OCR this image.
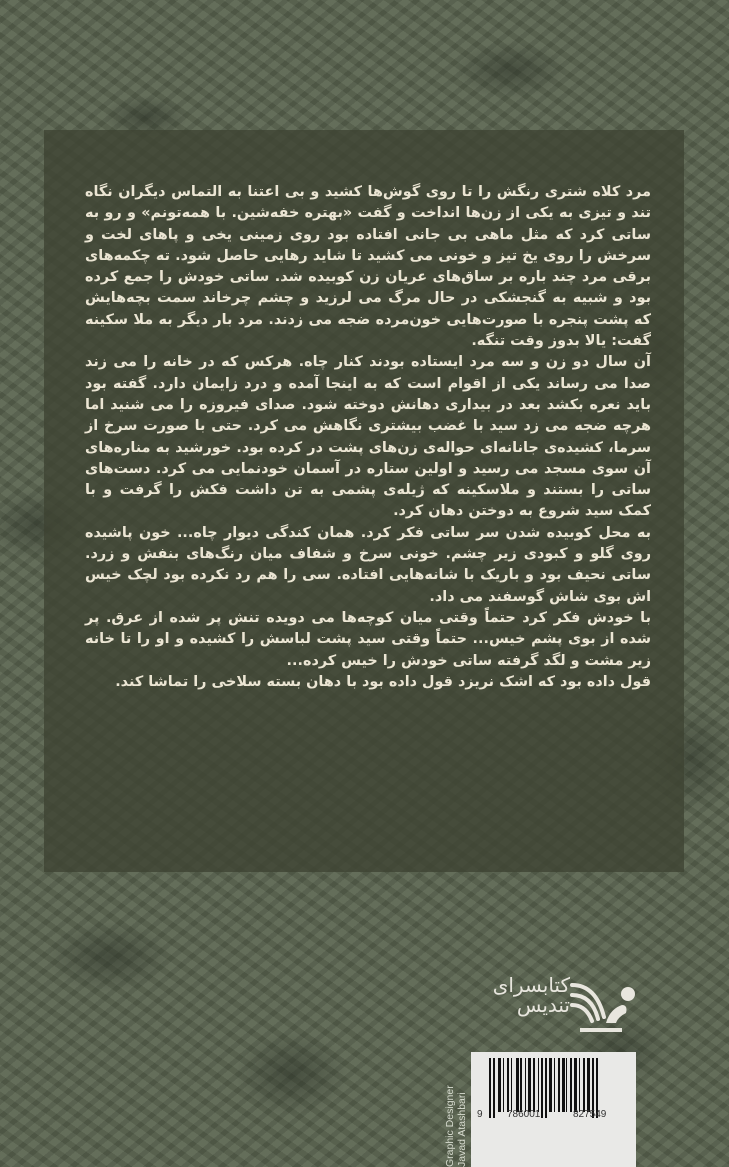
مرد کلاه شتری رنگش را تا روی گوش‌ها کشید و بی اعتنا به التماس دیگران نگاه تند و تیزی به یکی از زن‌ها انداخت و گفت «بهتره خفه‌شین. با همه‌تونم» و رو به ساتی کرد که مثل ماهی بی جانی افتاده بود روی زمینی یخی و پاهای لخت و سرخش را روی یخ تیز و خونی می کشید تا شاید رهایی حاصل شود. ته چکمه‌های برقی مرد چند باره بر ساق‌های عریان زن کوبیده شد. ساتی خودش را جمع کرده بود و شبیه به گنجشکی در حال مرگ می لرزید و چشم چرخاند سمت بچه‌هایش که پشت پنجره با صورت‌هایی خون‌مرده ضجه می زدند. مرد بار دیگر به ملا سکینه گفت: یالا بدوز وقت تنگه.

آن سال دو زن و سه مرد ایستاده بودند کنار چاه. هرکس که در خانه را می زند صدا می رساند یکی از اقوام است که به اینجا آمده و درد زایمان دارد. گفته بود باید نعره بکشد بعد در بیداری دهانش دوخته شود. صدای فیروزه را می شنید اما هرچه ضجه می زد سید با غضب بیشتری نگاهش می کرد. حتی با صورت سرخ از سرما، کشیده‌ی جانانه‌ای حواله‌ی زن‌های پشت در کرده بود. خورشید به مناره‌های آن سوی مسجد می رسید و اولین ستاره در آسمان خودنمایی می کرد. دست‌های ساتی را بستند و ملاسکینه که ژیله‌ی پشمی به تن داشت فکش را گرفت و با کمک سید شروع به دوختن دهان کرد.

به محل کوبیده شدن سر ساتی فکر کرد. همان کندگی دیوار چاه... خون پاشیده روی گلو و کبودی زیر چشم. خونی سرخ و شفاف میان رنگ‌های بنفش و زرد. ساتی نحیف بود و باریک با شانه‌هایی افتاده. سی را هم رد نکرده بود لچک خیس اش بوی شاش گوسفند می داد.

با خودش فکر کرد حتماً وقتی میان کوچه‌ها می دویده تنش پر شده از عرق. پر شده از بوی پشم خیس... حتماً وقتی سید پشت لباسش را کشیده و او را تا خانه زیر مشت و لگد گرفته ساتی خودش را خیس کرده...

قول داده بود که اشک نریزد قول داده بود با دهان بسته سلاخی را تماشا کند.

کتابسرای
تندیس
Graphic Designer Javad Atashbari 9 786001	827549
